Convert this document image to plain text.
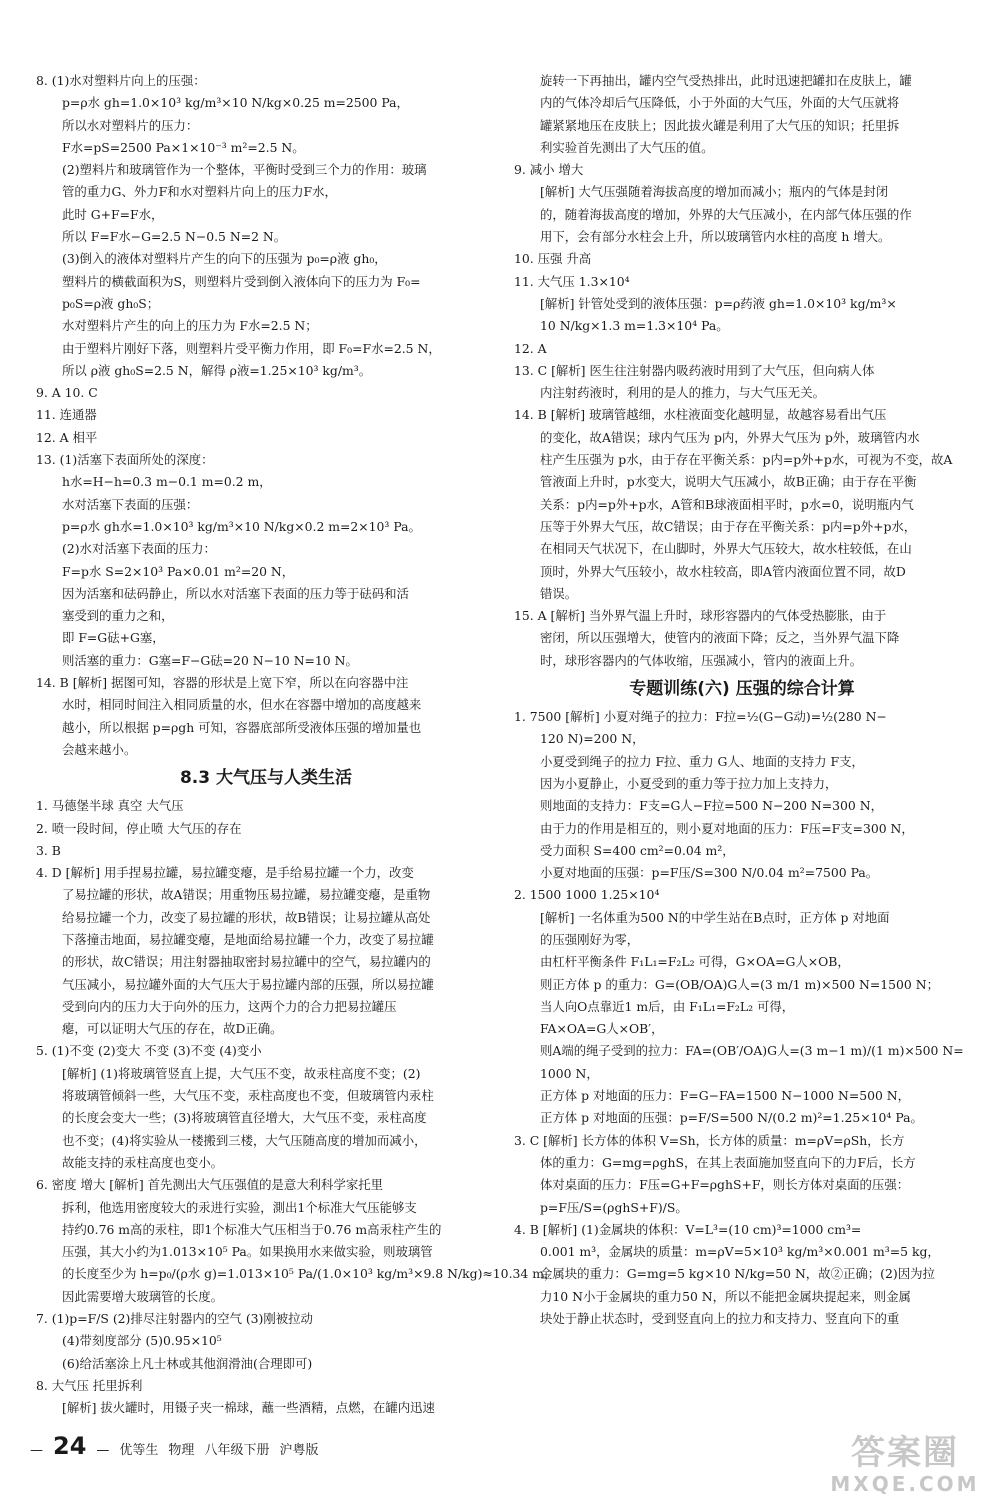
8. (1)水对塑料片向上的压强：

p=ρ水 gh=1.0×10³ kg/m³×10 N/kg×0.25 m=2500 Pa，

所以水对塑料片的压力：

F水=pS=2500 Pa×1×10⁻³ m²=2.5 N。

(2)塑料片和玻璃管作为一个整体，平衡时受到三个力的作用：玻璃

管的重力G、外力F和水对塑料片向上的压力F水，

此时 G+F=F水，

所以 F=F水−G=2.5 N−0.5 N=2 N。

(3)倒入的液体对塑料片产生的向下的压强为 p₀=ρ液 gh₀，

塑料片的横截面积为S，则塑料片受到倒入液体向下的压力为 F₀=

p₀S=ρ液 gh₀S；

水对塑料片产生的向上的压力为 F水=2.5 N；

由于塑料片刚好下落，则塑料片受平衡力作用，即 F₀=F水=2.5 N，

所以 ρ液 gh₀S=2.5 N，解得 ρ液=1.25×10³ kg/m³。

9. A 10. C

11. 连通器

12. A 相平

13. (1)活塞下表面所处的深度：

h水=H−h=0.3 m−0.1 m=0.2 m，

水对活塞下表面的压强：

p=ρ水 gh水=1.0×10³ kg/m³×10 N/kg×0.2 m=2×10³ Pa。

(2)水对活塞下表面的压力：

F=p水 S=2×10³ Pa×0.01 m²=20 N，

因为活塞和砝码静止，所以水对活塞下表面的压力等于砝码和活

塞受到的重力之和，

即 F=G砝+G塞，

则活塞的重力：G塞=F−G砝=20 N−10 N=10 N。

14. B [解析] 据图可知，容器的形状是上宽下窄，所以在向容器中注

水时，相同时间注入相同质量的水，但水在容器中增加的高度越来

越小，所以根据 p=ρgh 可知，容器底部所受液体压强的增加量也

会越来越小。

8.3 大气压与人类生活

1. 马德堡半球 真空 大气压

2. 喷一段时间，停止喷 大气压的存在

3. B

4. D [解析] 用手捏易拉罐，易拉罐变瘪，是手给易拉罐一个力，改变

了易拉罐的形状，故A错误；用重物压易拉罐，易拉罐变瘪，是重物

给易拉罐一个力，改变了易拉罐的形状，故B错误；让易拉罐从高处

下落撞击地面，易拉罐变瘪，是地面给易拉罐一个力，改变了易拉罐

的形状，故C错误；用注射器抽取密封易拉罐中的空气，易拉罐内的

气压减小，易拉罐外面的大气压大于易拉罐内部的压强，所以易拉罐

受到向内的压力大于向外的压力，这两个力的合力把易拉罐压

瘪，可以证明大气压的存在，故D正确。

5. (1)不变 (2)变大 不变 (3)不变 (4)变小

[解析] (1)将玻璃管竖直上提，大气压不变，故汞柱高度不变；(2)

将玻璃管倾斜一些，大气压不变，汞柱高度也不变，但玻璃管内汞柱

的长度会变大一些；(3)将玻璃管直径增大，大气压不变，汞柱高度

也不变；(4)将实验从一楼搬到三楼，大气压随高度的增加而减小，

故能支持的汞柱高度也变小。

6. 密度 增大 [解析] 首先测出大气压强值的是意大利科学家托里

拆利，他选用密度较大的汞进行实验，測出1个标准大气压能够支

持约0.76 m高的汞柱，即1个标准大气压相当于0.76 m高汞柱产生的

压强，其大小约为1.013×10⁵ Pa。如果换用水来做实验，则玻璃管

的长度至少为 h=p₀/(ρ水 g)=1.013×10⁵ Pa/(1.0×10³ kg/m³×9.8 N/kg)≈10.34 m，

因此需要增大玻璃管的长度。

7. (1)p=F/S (2)排尽注射器内的空气 (3)刚被拉动

(4)带刻度部分 (5)0.95×10⁵

(6)给活塞涂上凡士林或其他润滑油(合理即可)

8. 大气压 托里拆利

[解析] 拔火罐时，用镊子夹一棉球，蘸一些酒精，点燃，在罐内迅速

旋转一下再抽出，罐内空气受热排出，此时迅速把罐扣在皮肤上，罐

内的气体冷却后气压降低，小于外面的大气压，外面的大气压就将

罐紧紧地压在皮肤上；因此拔火罐是利用了大气压的知识；托里拆

利实验首先测出了大气压的值。

9. 减小 增大

[解析] 大气压强随着海拔高度的增加而减小；瓶内的气体是封闭

的，随着海拔高度的增加，外界的大气压减小，在内部气体压强的作

用下，会有部分水柱会上升，所以玻璃管内水柱的高度 h 增大。

10. 压强 升高

11. 大气压 1.3×10⁴

[解析] 针管处受到的液体压强：p=ρ药液 gh=1.0×10³ kg/m³×

10 N/kg×1.3 m=1.3×10⁴ Pa。

12. A

13. C [解析] 医生往注射器内吸药液时用到了大气压，但向病人体

内注射药液时，利用的是人的推力，与大气压无关。

14. B [解析] 玻璃管越细，水柱液面变化越明显，故越容易看出气压

的变化，故A错误；球内气压为 p内，外界大气压为 p外，玻璃管内水

柱产生压强为 p水，由于存在平衡关系：p内=p外+p水，可视为不变，故A

管液面上升时，p水变大，说明大气压减小，故B正确；由于存在平衡

关系：p内=p外+p水，A管和B球液面相平时，p水=0，说明瓶内气

压等于外界大气压，故C错误；由于存在平衡关系：p内=p外+p水，

在相同天气状况下，在山脚时，外界大气压较大，故水柱较低，在山

顶时，外界大气压较小，故水柱较高，即A管内液面位置不同，故D

错误。

15. A [解析] 当外界气温上升时，球形容器内的气体受热膨胀，由于

密闭，所以压强增大，使管内的液面下降；反之，当外界气温下降

时，球形容器内的气体收缩，压强减小，管内的液面上升。

专题训练(六) 压强的综合计算

1. 7500 [解析] 小夏对绳子的拉力：F拉=½(G−G动)=½(280 N−

120 N)=200 N，

小夏受到绳子的拉力 F拉、重力 G人、地面的支持力 F支，

因为小夏静止，小夏受到的重力等于拉力加上支持力，

则地面的支持力：F支=G人−F拉=500 N−200 N=300 N，

由于力的作用是相互的，则小夏对地面的压力：F压=F支=300 N，

受力面积 S=400 cm²=0.04 m²，

小夏对地面的压强：p=F压/S=300 N/0.04 m²=7500 Pa。

2. 1500 1000 1.25×10⁴

[解析] 一名体重为500 N的中学生站在B点时，正方体 p 对地面

的压强刚好为零，

由杠杆平衡条件 F₁L₁=F₂L₂ 可得，G×OA=G人×OB，

则正方体 p 的重力：G=(OB/OA)G人=(3 m/1 m)×500 N=1500 N；

当人向O点靠近1 m后，由 F₁L₁=F₂L₂ 可得，

FA×OA=G人×OB′，

则A端的绳子受到的拉力：FA=(OB′/OA)G人=(3 m−1 m)/(1 m)×500 N=

1000 N，

正方体 p 对地面的压力：F=G−FA=1500 N−1000 N=500 N，

正方体 p 对地面的压强：p=F/S=500 N/(0.2 m)²=1.25×10⁴ Pa。

3. C [解析] 长方体的体积 V=Sh，长方体的质量：m=ρV=ρSh，长方

体的重力：G=mg=ρghS，在其上表面施加竖直向下的力F后，长方

体对桌面的压力：F压=G+F=ρghS+F，则长方体对桌面的压强：

p=F压/S=(ρghS+F)/S。

4. B [解析] (1)金属块的体积：V=L³=(10 cm)³=1000 cm³=

0.001 m³，金属块的质量：m=ρV=5×10³ kg/m³×0.001 m³=5 kg，

金属块的重力：G=mg=5 kg×10 N/kg=50 N，故②正确；(2)因为拉

力10 N小于金属块的重力50 N，所以不能把金属块提起来，则金属

块处于静止状态时，受到竖直向上的拉力和支持力、竖直向下的重

— 24 — 优等生 物理 八年级下册 沪粤版	答案圈
MXQE.COM
